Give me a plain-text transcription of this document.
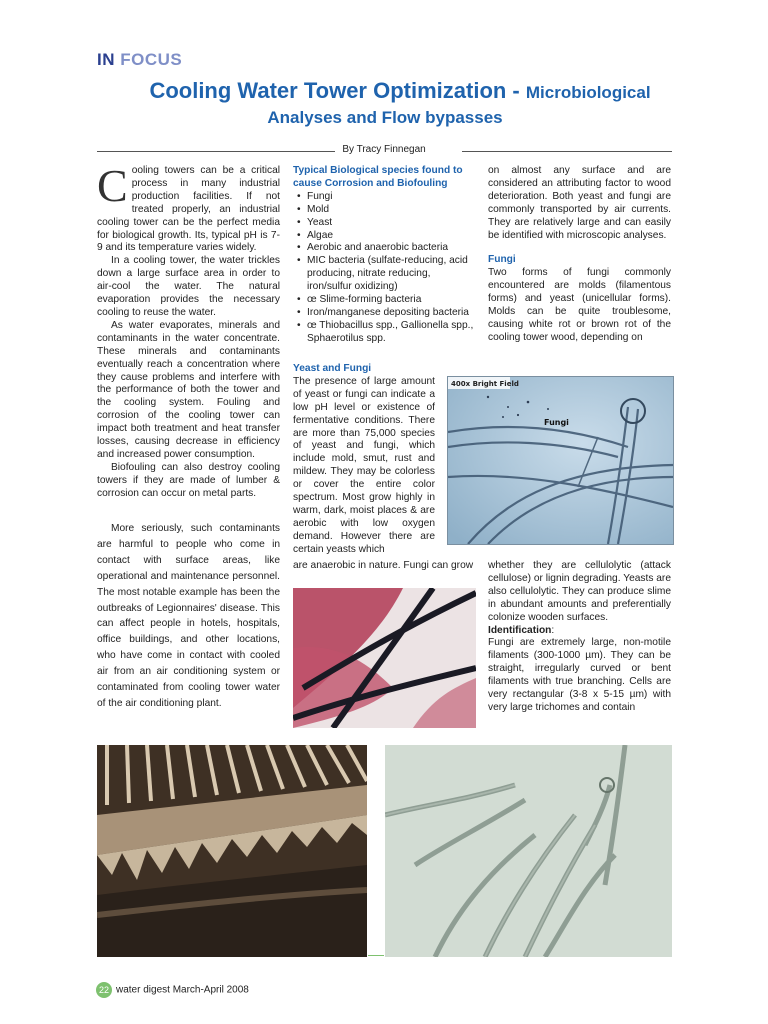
IN FOCUS
Cooling Water Tower Optimization - Microbiological
Analyses and Flow bypasses
By Tracy Finnegan

Cooling towers can be a critical process in many industrial production facilities. If not treated properly, an industrial cooling tower can be the perfect media for biological growth. Its, typical pH is 7-9 and its temperature varies widely.

In a cooling tower, the water trickles down a large surface area in order to air-cool the water. The natural evaporation provides the necessary cooling to reuse the water.

As water evaporates, minerals and contaminants in the water concentrate. These minerals and contaminants eventually reach a concentration where they cause problems and interfere with the performance of both the tower and the cooling system. Fouling and corrosion of the cooling tower can impact both treatment and heat transfer losses, causing decrease in efficiency and increased power consumption.

Biofouling can also destroy cooling towers if they are made of lumber & corrosion can occur on metal parts.

More seriously, such contaminants are harmful to people who come in contact with surface areas, like operational and maintenance personnel. The most notable example has been the outbreaks of Legionnaires' disease. This can affect people in hotels, hospitals, office buildings, and other locations, who have come in contact with cooled air from an air conditioning system or contaminated from cooling tower water of the air conditioning plant.

Typical Biological species found to cause Corrosion and Biofouling
• Fungi
• Mold
• Yeast
• Algae
• Aerobic and anaerobic bacteria
• MIC bacteria (sulfate-reducing, acid producing, nitrate reducing, iron/sulfur oxidizing)
• œ Slime-forming bacteria
• Iron/manganese depositing bacteria
• œ Thiobacillus spp., Gallionella spp., Sphaerotilus spp.
Yeast and Fungi

The presence of large amount of yeast or fungi can indicate a low pH level or existence of fermentative conditions. There are more than 75,000 species of yeast and fungi, which include mold, smut, rust and mildew. They may be colorless or cover the entire color spectrum. Most grow highly in warm, dark, moist places & are aerobic with low oxygen demand. However there are certain yeasts which

are anaerobic in nature. Fungi can grow

on almost any surface and are considered an attributing factor to wood deterioration. Both yeast and fungi are commonly transported by air currents. They are relatively large and can easily be identified with microscopic analyses.

Fungi

Two forms of fungi commonly encountered are molds (filamentous forms) and yeast (unicellular forms). Molds can be quite troublesome, causing white rot or brown rot of the cooling tower wood, depending on

whether they are cellulolytic (attack cellulose) or lignin degrading. Yeasts are also cellulolytic. They can produce slime in abundant amounts and preferentially colonize wooden surfaces.

Identification:

Fungi are extremely large, non-motile filaments (300-1000 µm). They can be straight, irregularly curved or bent filaments with true branching. Cells are very rectangular (3-8 x 5-15 µm) with very large trichomes and contain

400x Bright Field
Fungi
22 water digest March-April 2008
